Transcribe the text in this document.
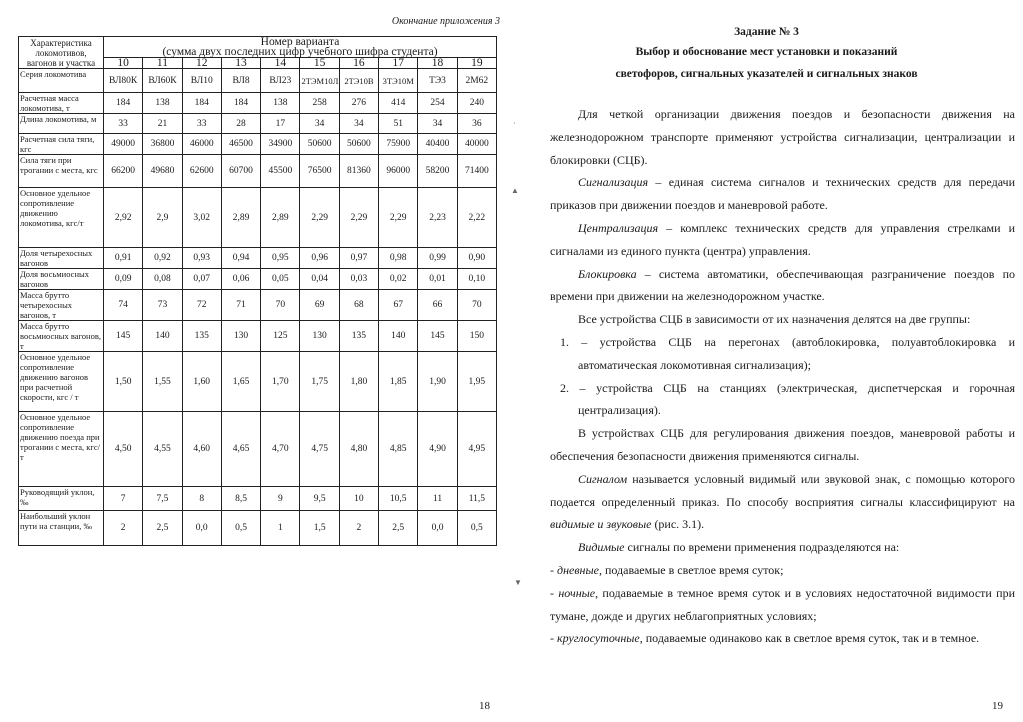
Окончание приложения 3
Характеристика локомотивов, вагонов и участка	Номер варианта
(сумма двух последних цифр учебного шифра студента)									

	10	11	12	13	14	15	16	17	18	19
Серия локомотива	ВЛ80К	ВЛ60К	ВЛ10	ВЛ8	ВЛ23	2ТЭМ10Л	2ТЭ10В	3ТЭ10М	ТЭ3	2М62
Расчетная масса локомотива, т	184	138	184	184	138	258	276	414	254	240
Длина локомотива, м	33	21	33	28	17	34	34	51	34	36
Расчетная сила тяги, кгс	49000	36800	46000	46500	34900	50600	50600	75900	40400	40000
Сила тяги при трогании с места, кгс	66200	49680	62600	60700	45500	76500	81360	96000	58200	71400
Основное удельное сопротивление движению локомотива, кгс/т	2,92	2,9	3,02	2,89	2,89	2,29	2,29	2,29	2,23	2,22
Доля четырехосных вагонов	0,91	0,92	0,93	0,94	0,95	0,96	0,97	0,98	0,99	0,90
Доля восьмиосных вагонов	0,09	0,08	0,07	0,06	0,05	0,04	0,03	0,02	0,01	0,10
Масса брутто четырехосных вагонов, т	74	73	72	71	70	69	68	67	66	70
Масса брутто восьмиосных вагонов, т	145	140	135	130	125	130	135	140	145	150
Основное удельное сопротивление движению вагонов при расчетной скорости, кгс / т	1,50	1,55	1,60	1,65	1,70	1,75	1,80	1,85	1,90	1,95
Основное удельное сопротивление движению поезда при трогании с места, кгс/т	4,50	4,55	4,60	4,65	4,70	4,75	4,80	4,85	4,90	4,95
Руководящий уклон, ‰	7	7,5	8	8,5	9	9,5	10	10,5	11	11,5
Наибольший уклон пути на станции, ‰	2	2,5	0,0	0,5	1	1,5	2	2,5	0,0	0,5
18
·
▲
▼
Задание № 3
Выбор и обоснование мест установки и показаний
светофоров, сигнальных указателей и сигнальных знаков

Для четкой организации движения поездов и безопасности движения на железнодорожном транспорте применяют устройства сигнализации, централизации и блокировки (СЦБ).

Сигнализация – единая система сигналов и технических средств для передачи приказов при движении поездов и маневровой работе.

Централизация – комплекс технических средств для управления стрелками и сигналами из единого пункта (центра) управления.

Блокировка – система автоматики, обеспечивающая разграничение поездов по времени при движении на железнодорожном участке.

Все устройства СЦБ в зависимости от их назначения делятся на две группы:

1. – устройства СЦБ на перегонах (автоблокировка, полуавтоблокировка и автоматическая локомотивная сигнализация);

2. – устройства СЦБ на станциях (электрическая, диспетчерская и горочная централизация).

В устройствах СЦБ для регулирования движения поездов, маневровой работы и обеспечения безопасности движения применяются сигналы.

Сигналом называется условный видимый или звуковой знак, с помощью которого подается определенный приказ. По способу восприятия сигналы классифицируют на видимые и звуковые (рис. 3.1).

Видимые сигналы по времени применения подразделяются на:

- дневные, подаваемые в светлое время суток;

- ночные, подаваемые в темное время суток и в условиях недостаточной видимости при тумане, дожде и других неблагоприятных условиях;

- круглосуточные, подаваемые одинаково как в светлое время суток, так и в темное.

19
